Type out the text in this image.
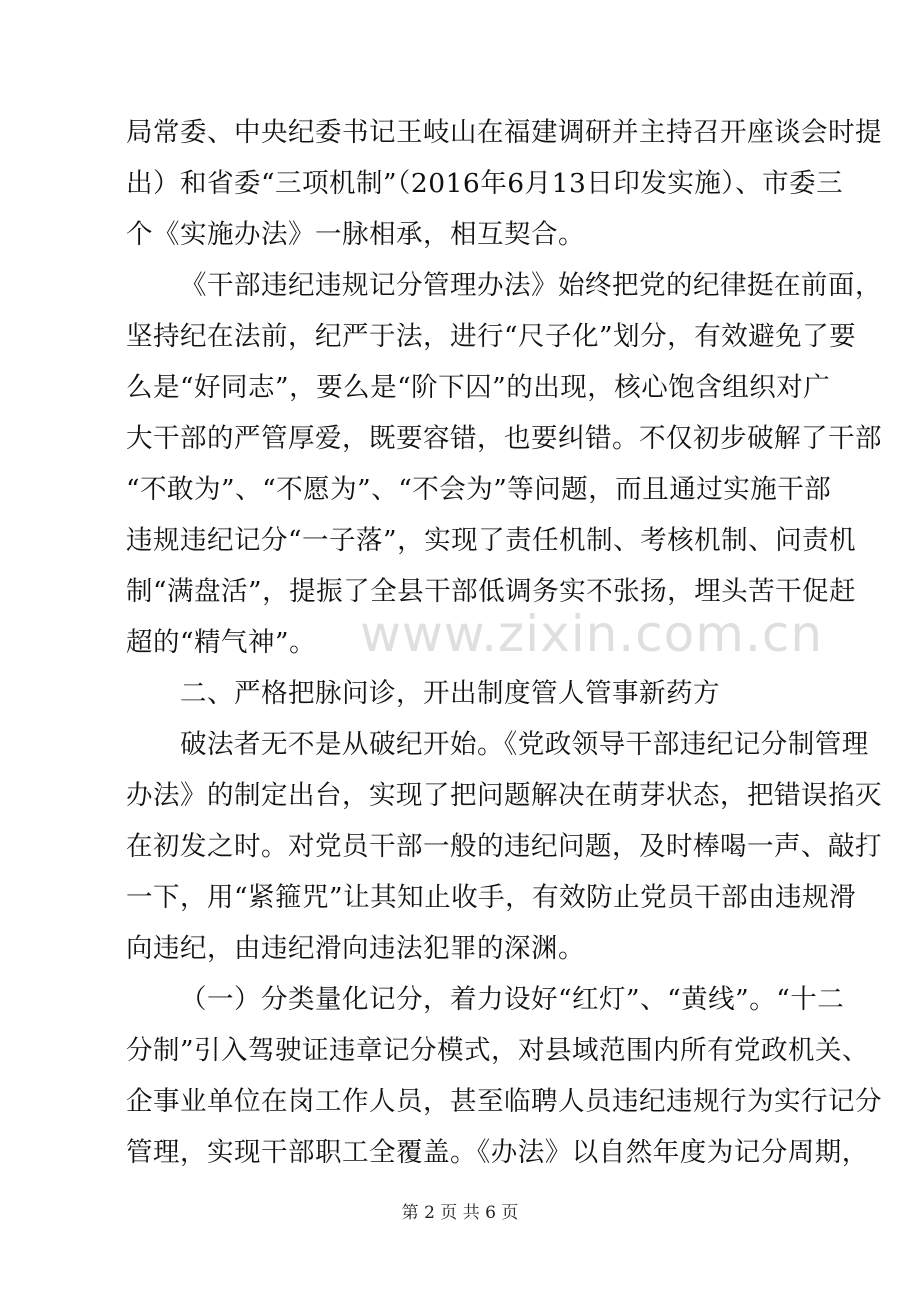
局常委、中央纪委书记王岐山在福建调研并主持召开座谈会时提
出）和省委“三项机制”（2016年6月13日印发实施）、市委三
个《实施办法》一脉相承，相互契合。
《干部违纪违规记分管理办法》始终把党的纪律挺在前面，
坚持纪在法前，纪严于法，进行“尺子化”划分，有效避免了要
么是“好同志”，要么是“阶下囚”的出现，核心饱含组织对广
大干部的严管厚爱，既要容错，也要纠错。不仅初步破解了干部
“不敢为”、“不愿为”、“不会为”等问题，而且通过实施干部
违规违纪记分“一子落”，实现了责任机制、考核机制、问责机
制“满盘活”，提振了全县干部低调务实不张扬，埋头苦干促赶
超的“精气神”。
二、严格把脉问诊，开出制度管人管事新药方
破法者无不是从破纪开始。《党政领导干部违纪记分制管理
办法》的制定出台，实现了把问题解决在萌芽状态，把错误掐灭
在初发之时。对党员干部一般的违纪问题，及时棒喝一声、敲打
一下，用“紧箍咒”让其知止收手，有效防止党员干部由违规滑
向违纪，由违纪滑向违法犯罪的深渊。
（一）分类量化记分，着力设好“红灯”、“黄线”。“十二
分制”引入驾驶证违章记分模式，对县域范围内所有党政机关、
企事业单位在岗工作人员，甚至临聘人员违纪违规行为实行记分
www.zixin.com.cn
管理，实现干部职工全覆盖。《办法》以自然年度为记分周期，
第 2 页 共 6 页
